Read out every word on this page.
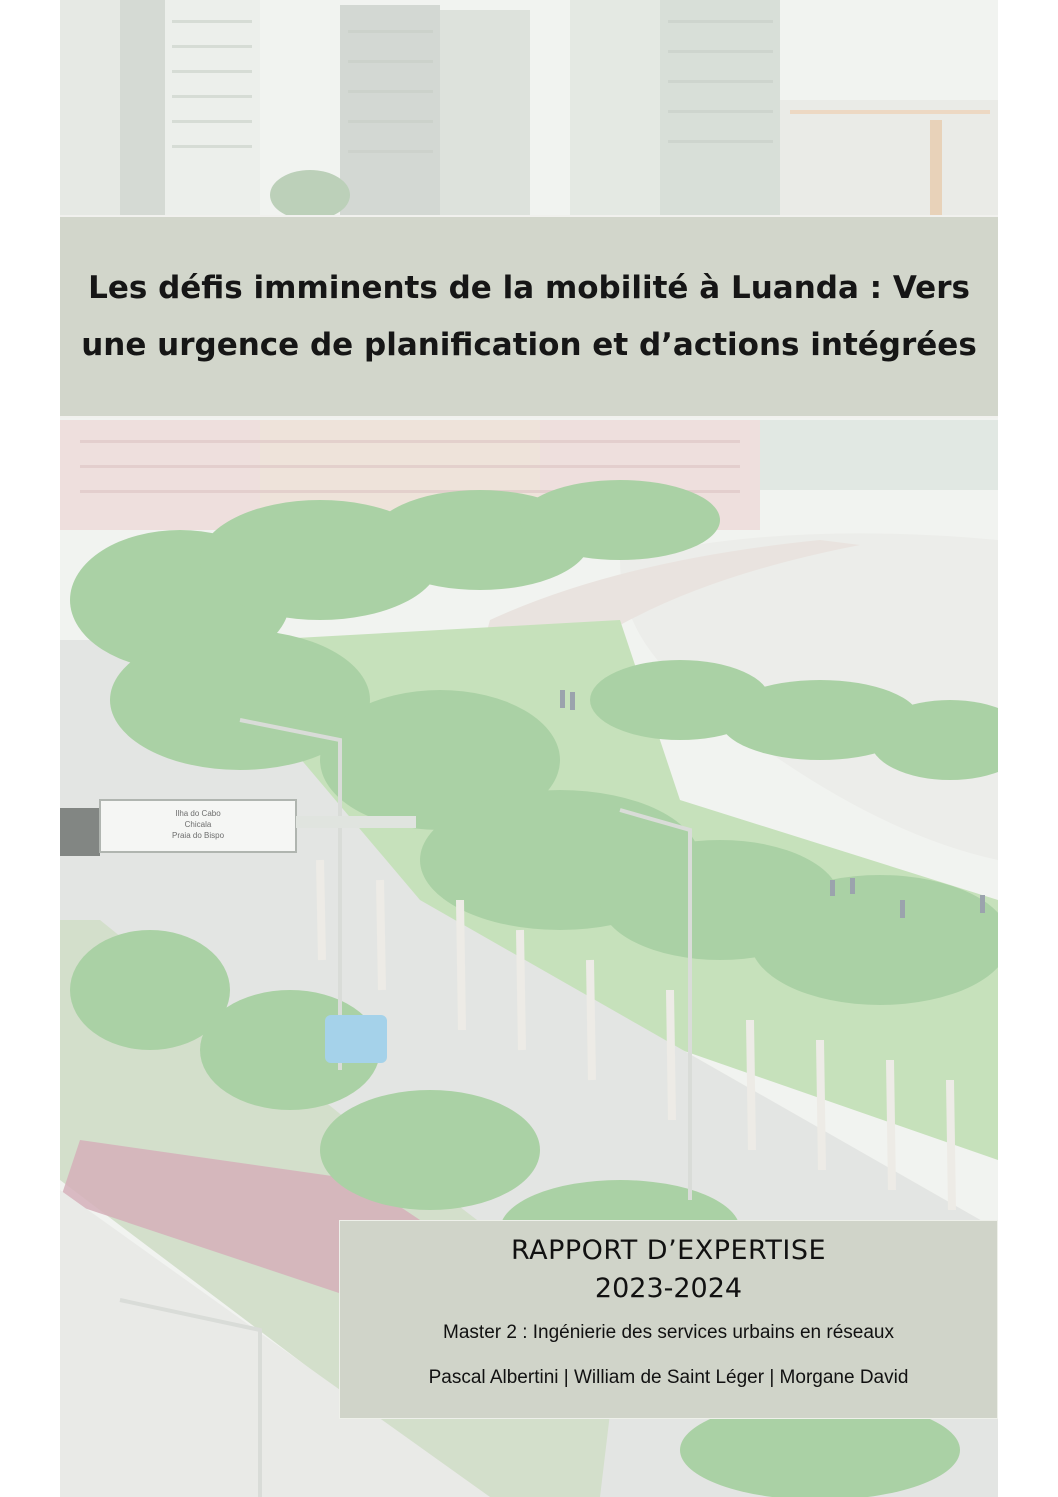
Ilha do Cabo
Chicala
Praia do Bispo
Les défis imminents de la mobilité à Luanda : Vers une urgence de planification et d’actions intégrées
RAPPORT D’EXPERTISE
2023-2024
Master 2 : Ingénierie des services urbains en réseaux
Pascal Albertini | William de Saint Léger | Morgane David
